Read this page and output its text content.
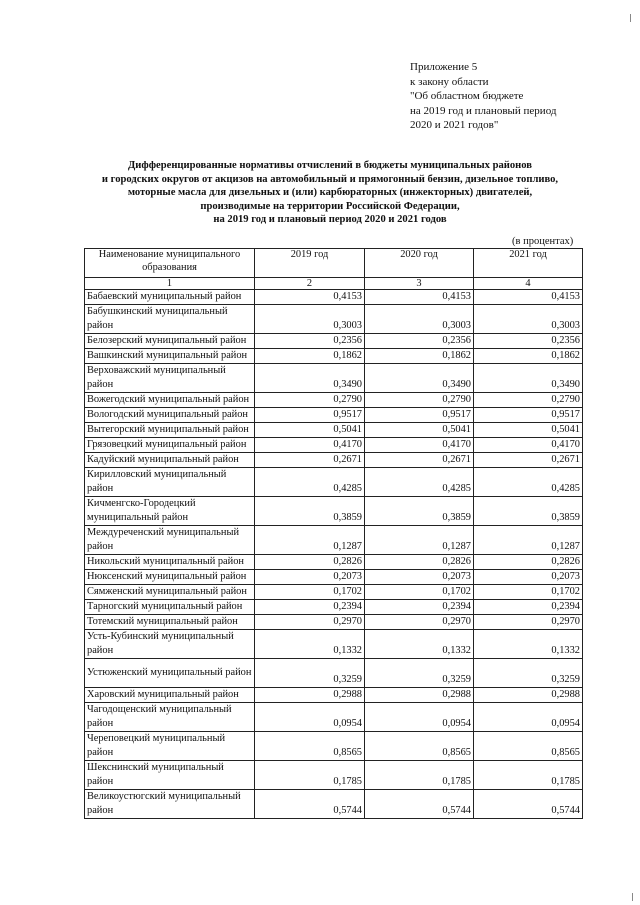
Приложение 5
к закону области
"Об областном бюджете
на 2019 год и плановый период
2020 и 2021 годов"
Дифференцированные нормативы отчислений в бюджеты муниципальных районов
и городских округов от акцизов на автомобильный и прямогонный бензин, дизельное топливо,
моторные масла для дизельных и (или) карбюраторных (инжекторных) двигателей,
производимые на территории Российской Федерации,
на 2019 год и плановый период 2020 и 2021 годов
(в процентах)
Наименование муниципального образования	2019 год	2020 год	2021 год
1	2	3	4
Бабаевский муниципальный район	0,4153	0,4153	0,4153
Бабушкинский муниципальный район	0,3003	0,3003	0,3003
Белозерский муниципальный район	0,2356	0,2356	0,2356
Вашкинский муниципальный район	0,1862	0,1862	0,1862
Верховажский муниципальный район	0,3490	0,3490	0,3490
Вожегодский муниципальный район	0,2790	0,2790	0,2790
Вологодский муниципальный район	0,9517	0,9517	0,9517
Вытегорский муниципальный район	0,5041	0,5041	0,5041
Грязовецкий муниципальный район	0,4170	0,4170	0,4170
Кадуйский муниципальный район	0,2671	0,2671	0,2671
Кирилловский муниципальный район	0,4285	0,4285	0,4285
Кичменгско-Городецкий муниципальный район	0,3859	0,3859	0,3859
Междуреченский муниципальный район	0,1287	0,1287	0,1287
Никольский муниципальный район	0,2826	0,2826	0,2826
Нюксенский муниципальный район	0,2073	0,2073	0,2073
Сямженский муниципальный район	0,1702	0,1702	0,1702
Тарногский муниципальный район	0,2394	0,2394	0,2394
Тотемский муниципальный район	0,2970	0,2970	0,2970
Усть-Кубинский муниципальный район	0,1332	0,1332	0,1332
Устюженский муниципальный район	0,3259	0,3259	0,3259
Харовский муниципальный район	0,2988	0,2988	0,2988
Чагодощенский муниципальный район	0,0954	0,0954	0,0954
Череповецкий муниципальный район	0,8565	0,8565	0,8565
Шекснинский муниципальный район	0,1785	0,1785	0,1785
Великоустюгский муниципальный район	0,5744	0,5744	0,5744
